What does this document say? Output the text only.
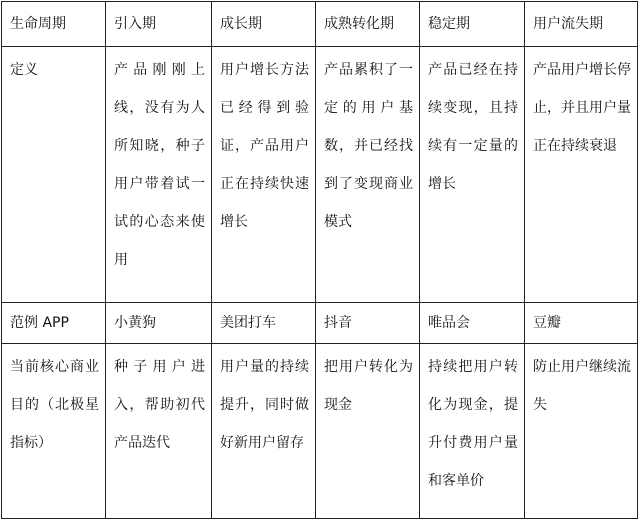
生命周期	引入期	成长期	成熟转化期	稳定期	用户流失期
定义	产品刚刚上线，没有为人所知晓，种子用户带着试一试的心态来使用	用户增长方法已经得到验证，产品用户正在持续快速增长	产品累积了一定的用户基数，并已经找到了变现商业模式	产品已经在持续变现，且持续有一定量的增长	产品用户增长停止，并且用户量正在持续衰退
范例 APP	小黄狗	美团打车	抖音	唯品会	豆瓣
当前核心商业目的（北极星指标）	种子用户进入，帮助初代产品迭代	用户量的持续提升，同时做好新用户留存	把用户转化为现金	持续把用户转化为现金，提升付费用户量和客单价	防止用户继续流失
